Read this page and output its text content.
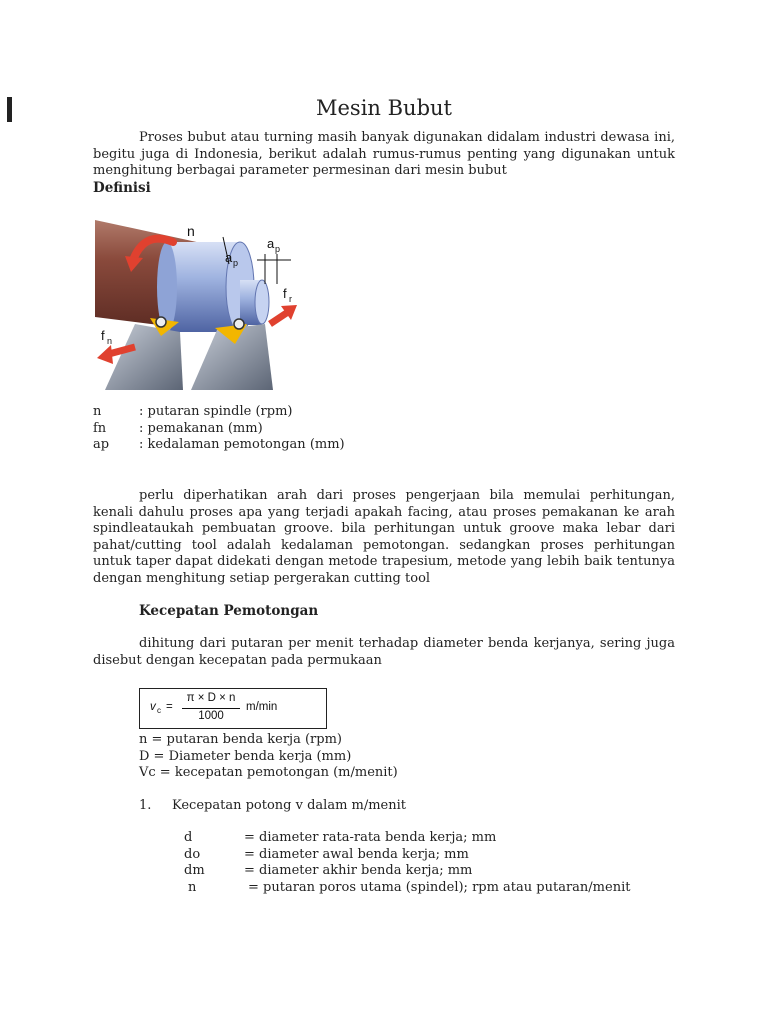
Mesin Bubut
Proses bubut atau turning masih banyak digunakan didalam industri dewasa ini, begitu juga di Indonesia, berikut adalah rumus-rumus penting yang digunakan untuk menghitung berbagai parameter permesinan dari mesin bubut
Definisi
n
a p
a p
f r
f n
n	: putaran spindle (rpm)
fn	: pemakanan (mm)
ap	: kedalaman pemotongan (mm)
perlu diperhatikan arah dari proses pengerjaan bila memulai perhitungan, kenali dahulu proses apa yang terjadi apakah facing, atau proses pemakanan ke arah spindleataukah pembuatan groove. bila perhitungan untuk groove maka lebar dari pahat/cutting tool adalah kedalaman pemotongan. sedangkan proses perhitungan untuk taper dapat didekati dengan metode trapesium, metode yang lebih baik tentunya dengan menghitung setiap pergerakan cutting tool
Kecepatan Pemotongan
dihitung dari putaran per menit terhadap diameter benda kerjanya, sering juga disebut dengan kecepatan pada permukaan
v c =
π × D × n
1000
m/min
n = putaran benda kerja (rpm)
D = Diameter benda kerja (mm)
Vc = kecepatan pemotongan (m/menit)
1.	Kecepatan potong v dalam m/menit
d	= diameter rata-rata benda kerja; mm
do	= diameter awal benda kerja; mm
dm	= diameter akhir benda kerja; mm
n	= putaran poros utama (spindel); rpm atau putaran/menit
